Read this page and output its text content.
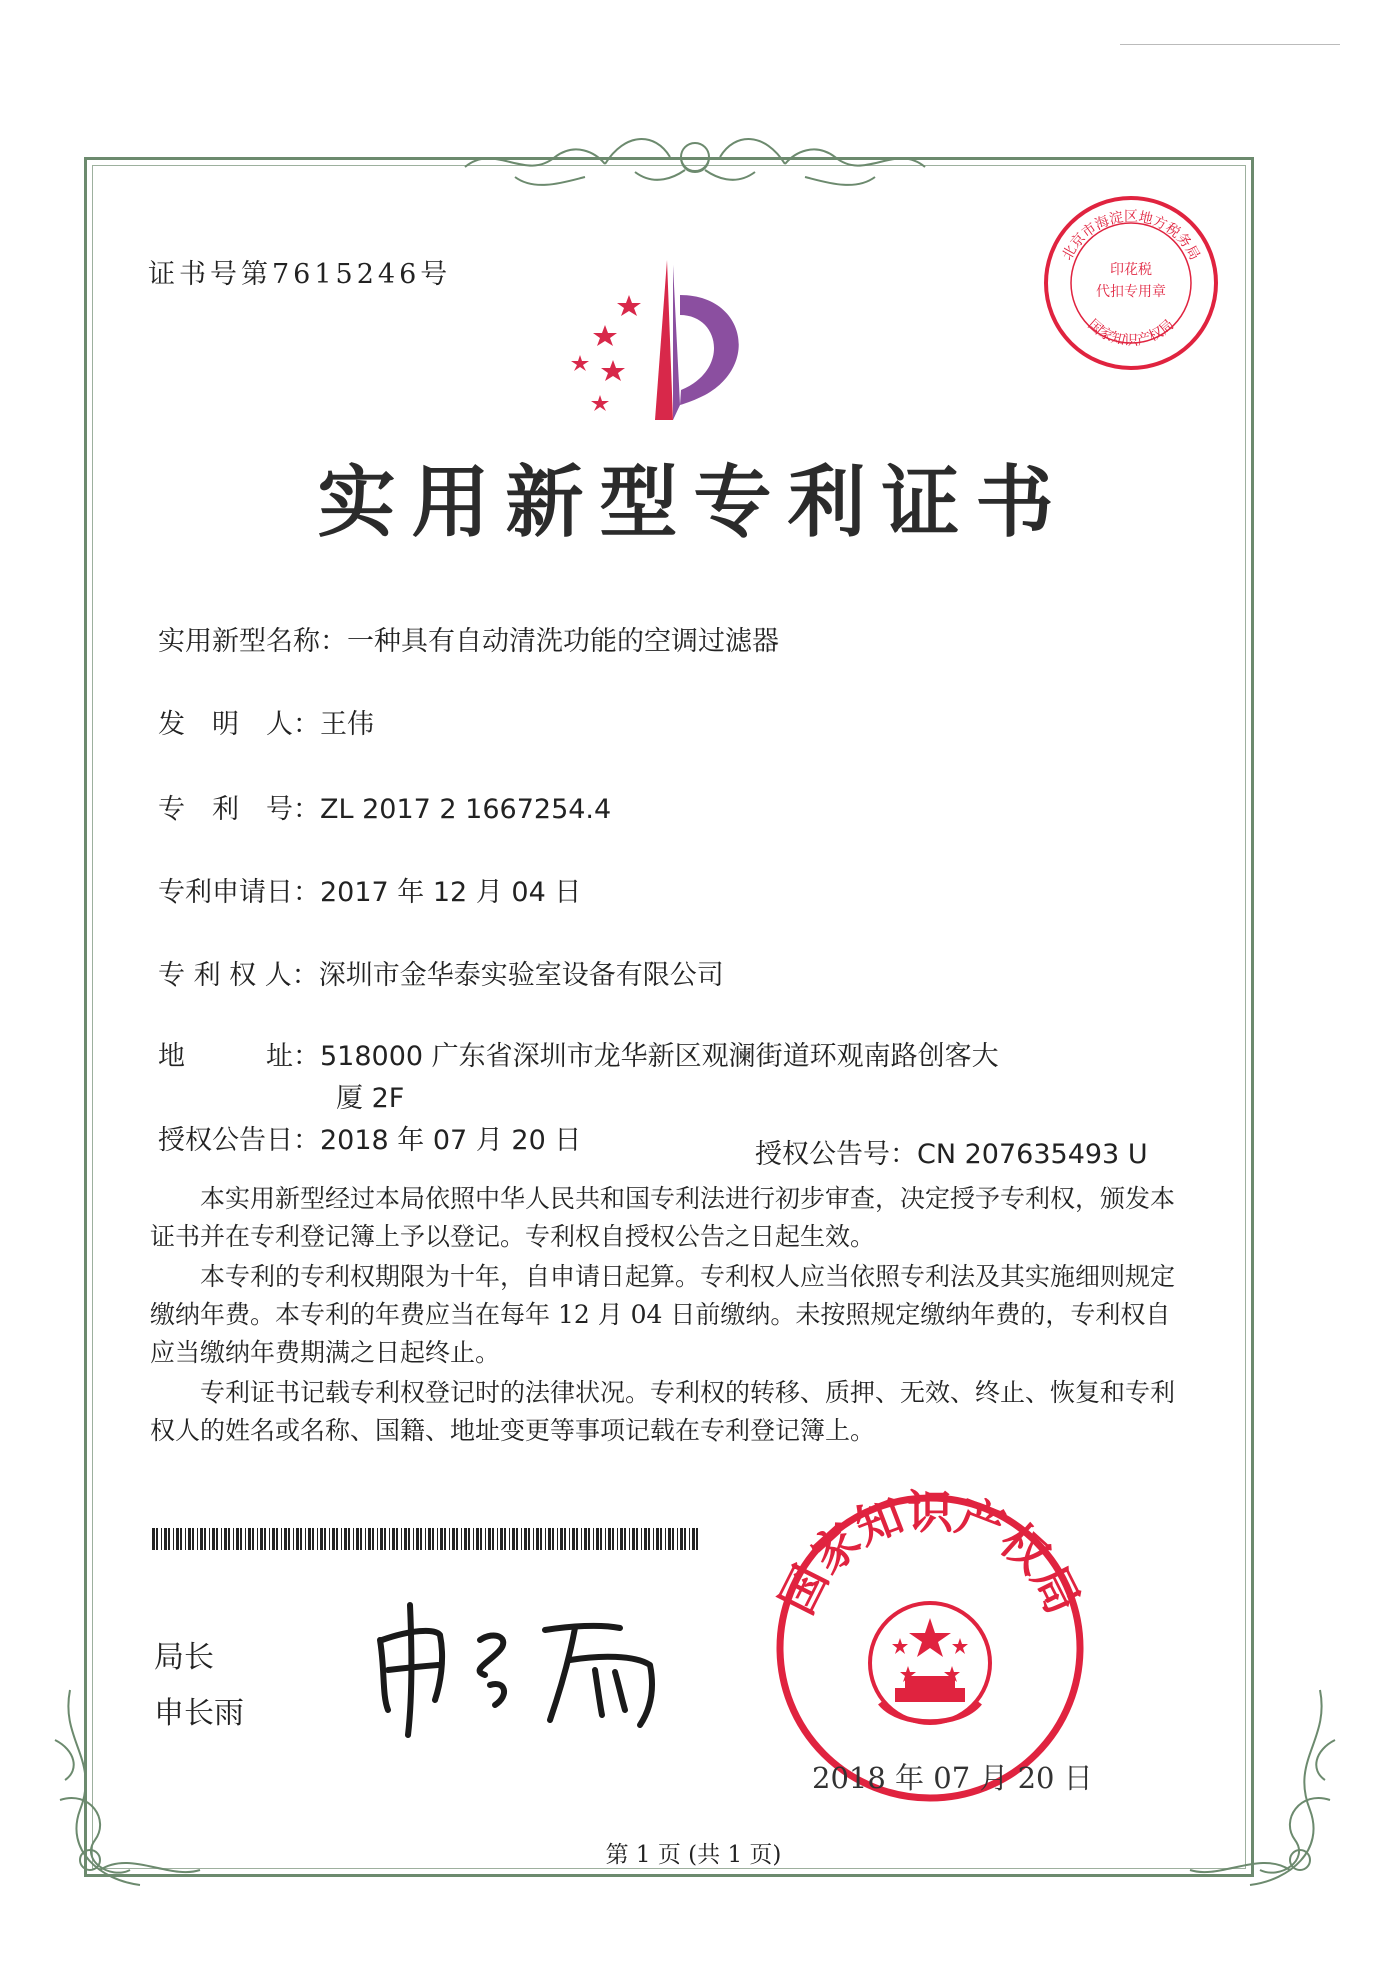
证书号第7615246号
北京市海淀区地方税务局
印花税
代扣专用章
国家知识产权局
实用新型专利证书
实用新型名称：一种具有自动清洗功能的空调过滤器
发　明　人：王伟
专　利　号：ZL 2017 2 1667254.4
专利申请日：2017 年 12 月 04 日
专 利 权 人：深圳市金华泰实验室设备有限公司
地　　　址：518000 广东省深圳市龙华新区观澜街道环观南路创客大
厦 2F
授权公告日：2018 年 07 月 20 日	授权公告号：CN 207635493 U

本实用新型经过本局依照中华人民共和国专利法进行初步审查，决定授予专利权，颁发本证书并在专利登记簿上予以登记。专利权自授权公告之日起生效。

本专利的专利权期限为十年，自申请日起算。专利权人应当依照专利法及其实施细则规定缴纳年费。本专利的年费应当在每年 12 月 04 日前缴纳。未按照规定缴纳年费的，专利权自应当缴纳年费期满之日起终止。

专利证书记载专利权登记时的法律状况。专利权的转移、质押、无效、终止、恢复和专利权人的姓名或名称、国籍、地址变更等事项记载在专利登记簿上。

局长
申长雨
国家知识产权局
2018 年 07 月 20 日
第 1 页 (共 1 页)
